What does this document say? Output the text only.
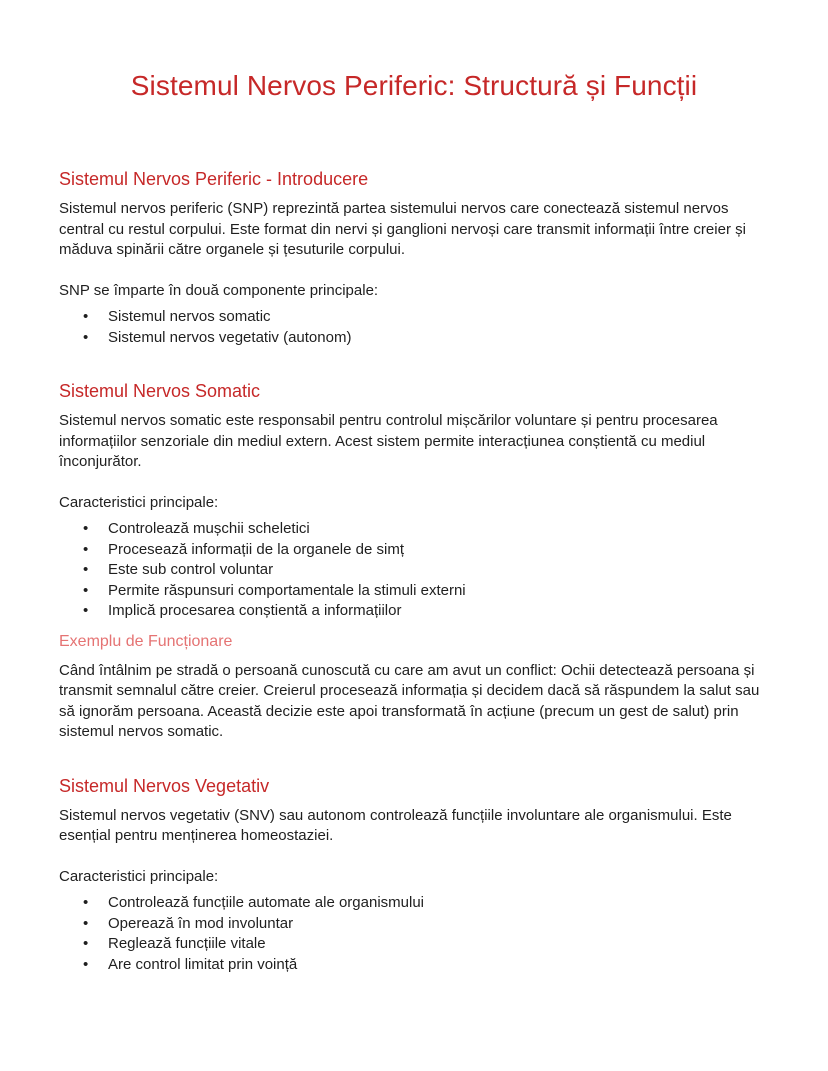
Sistemul Nervos Periferic: Structură și Funcții
Sistemul Nervos Periferic - Introducere

Sistemul nervos periferic (SNP) reprezintă partea sistemului nervos care conectează sistemul nervos central cu restul corpului. Este format din nervi și ganglioni nervoși care transmit informații între creier și măduva spinării către organele și țesuturile corpului.

SNP se împarte în două componente principale:

• Sistemul nervos somatic
• Sistemul nervos vegetativ (autonom)
Sistemul Nervos Somatic

Sistemul nervos somatic este responsabil pentru controlul mișcărilor voluntare și pentru procesarea informațiilor senzoriale din mediul extern. Acest sistem permite interacțiunea conștientă cu mediul înconjurător.

Caracteristici principale:

• Controlează mușchii scheletici
• Procesează informații de la organele de simț
• Este sub control voluntar
• Permite răspunsuri comportamentale la stimuli externi
• Implică procesarea conștientă a informațiilor
Exemplu de Funcționare

Când întâlnim pe stradă o persoană cunoscută cu care am avut un conflict: Ochii detectează persoana și transmit semnalul către creier. Creierul procesează informația și decidem dacă să răspundem la salut sau să ignorăm persoana. Această decizie este apoi transformată în acțiune (precum un gest de salut) prin sistemul nervos somatic.

Sistemul Nervos Vegetativ

Sistemul nervos vegetativ (SNV) sau autonom controlează funcțiile involuntare ale organismului. Este esențial pentru menținerea homeostaziei.

Caracteristici principale:

• Controlează funcțiile automate ale organismului
• Operează în mod involuntar
• Reglează funcțiile vitale
• Are control limitat prin voință
